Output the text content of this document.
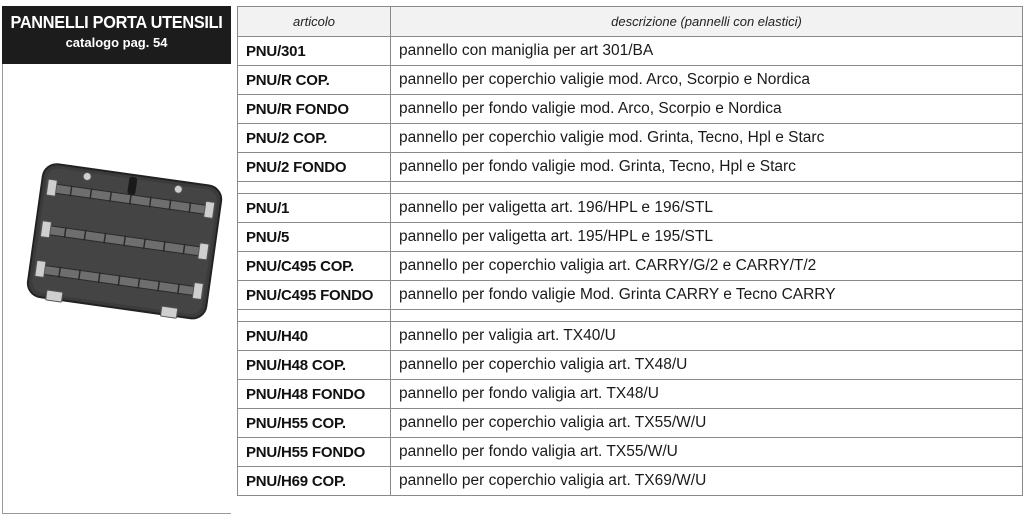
PANNELLI PORTA UTENSILI
catalogo pag. 54
articolo	descrizione (pannelli con elastici)
PNU/301	pannello con maniglia per art 301/BA
PNU/R COP.	pannello per coperchio valigie mod. Arco, Scorpio e Nordica
PNU/R FONDO	pannello per fondo valigie mod. Arco, Scorpio e Nordica
PNU/2 COP.	pannello per coperchio valigie mod. Grinta, Tecno, Hpl e Starc
PNU/2 FONDO	pannello per fondo valigie mod. Grinta, Tecno, Hpl e Starc

PNU/1	pannello per valigetta art. 196/HPL e 196/STL
PNU/5	pannello per valigetta art. 195/HPL e 195/STL
PNU/C495 COP.	pannello per coperchio valigia art. CARRY/G/2 e CARRY/T/2
PNU/C495 FONDO	pannello per fondo valigie Mod. Grinta CARRY e Tecno CARRY

PNU/H40	pannello per valigia art. TX40/U
PNU/H48 COP.	pannello per coperchio valigia art. TX48/U
PNU/H48 FONDO	pannello per fondo valigia art. TX48/U
PNU/H55 COP.	pannello per coperchio valigia art. TX55/W/U
PNU/H55 FONDO	pannello per fondo valigia art. TX55/W/U
PNU/H69 COP.	pannello per coperchio valigia art. TX69/W/U
